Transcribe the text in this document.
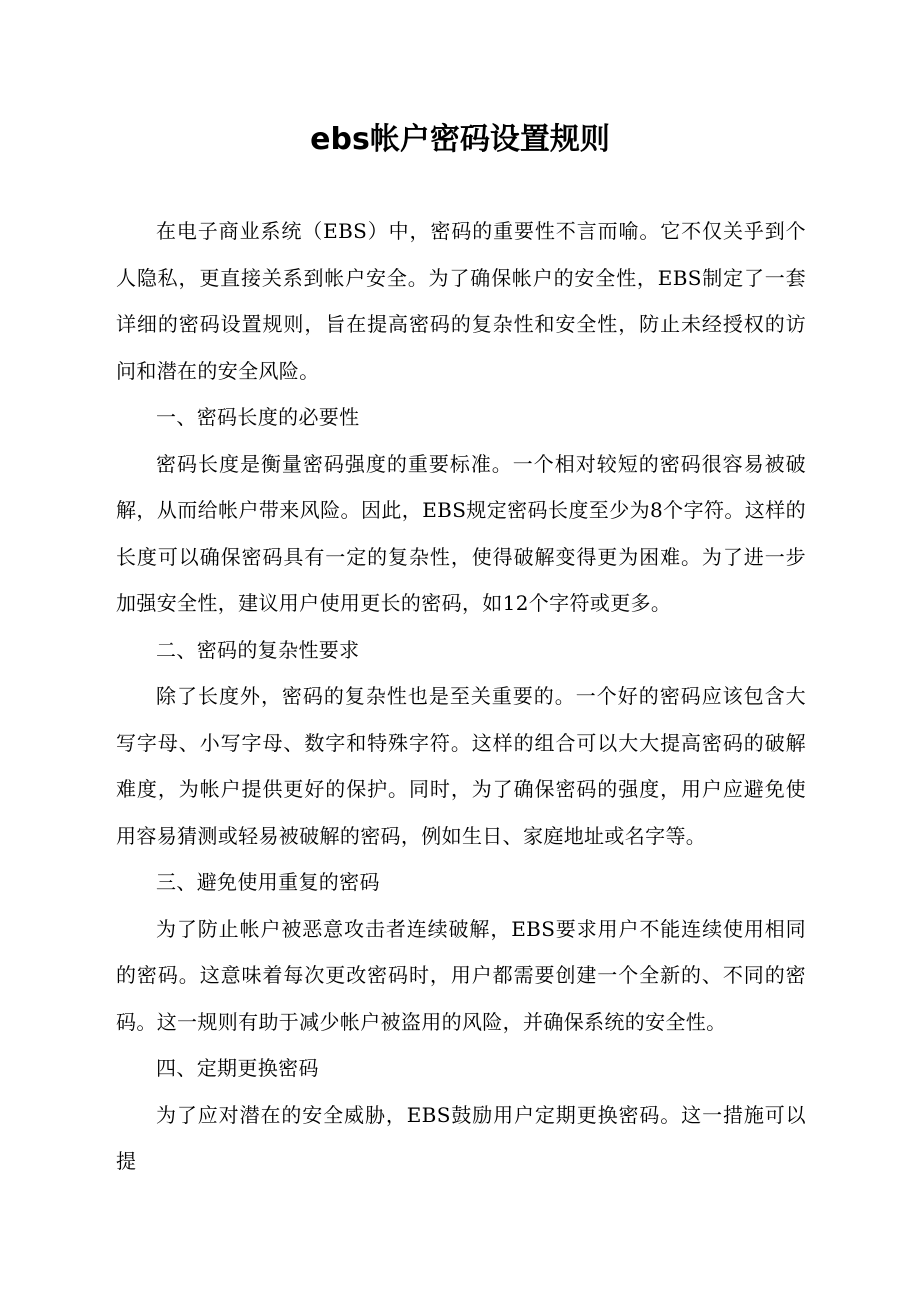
ebs帐户密码设置规则

在电子商业系统（EBS）中，密码的重要性不言而喻。它不仅关乎到个人隐私，更直接关系到帐户安全。为了确保帐户的安全性，EBS制定了一套详细的密码设置规则，旨在提高密码的复杂性和安全性，防止未经授权的访问和潜在的安全风险。

一、密码长度的必要性

密码长度是衡量密码强度的重要标准。一个相对较短的密码很容易被破解，从而给帐户带来风险。因此，EBS规定密码长度至少为8个字符。这样的长度可以确保密码具有一定的复杂性，使得破解变得更为困难。为了进一步加强安全性，建议用户使用更长的密码，如12个字符或更多。

二、密码的复杂性要求

除了长度外，密码的复杂性也是至关重要的。一个好的密码应该包含大写字母、小写字母、数字和特殊字符。这样的组合可以大大提高密码的破解难度，为帐户提供更好的保护。同时，为了确保密码的强度，用户应避免使用容易猜测或轻易被破解的密码，例如生日、家庭地址或名字等。

三、避免使用重复的密码

为了防止帐户被恶意攻击者连续破解，EBS要求用户不能连续使用相同的密码。这意味着每次更改密码时，用户都需要创建一个全新的、不同的密码。这一规则有助于减少帐户被盗用的风险，并确保系统的安全性。

四、定期更换密码

为了应对潜在的安全威胁，EBS鼓励用户定期更换密码。这一措施可以提
